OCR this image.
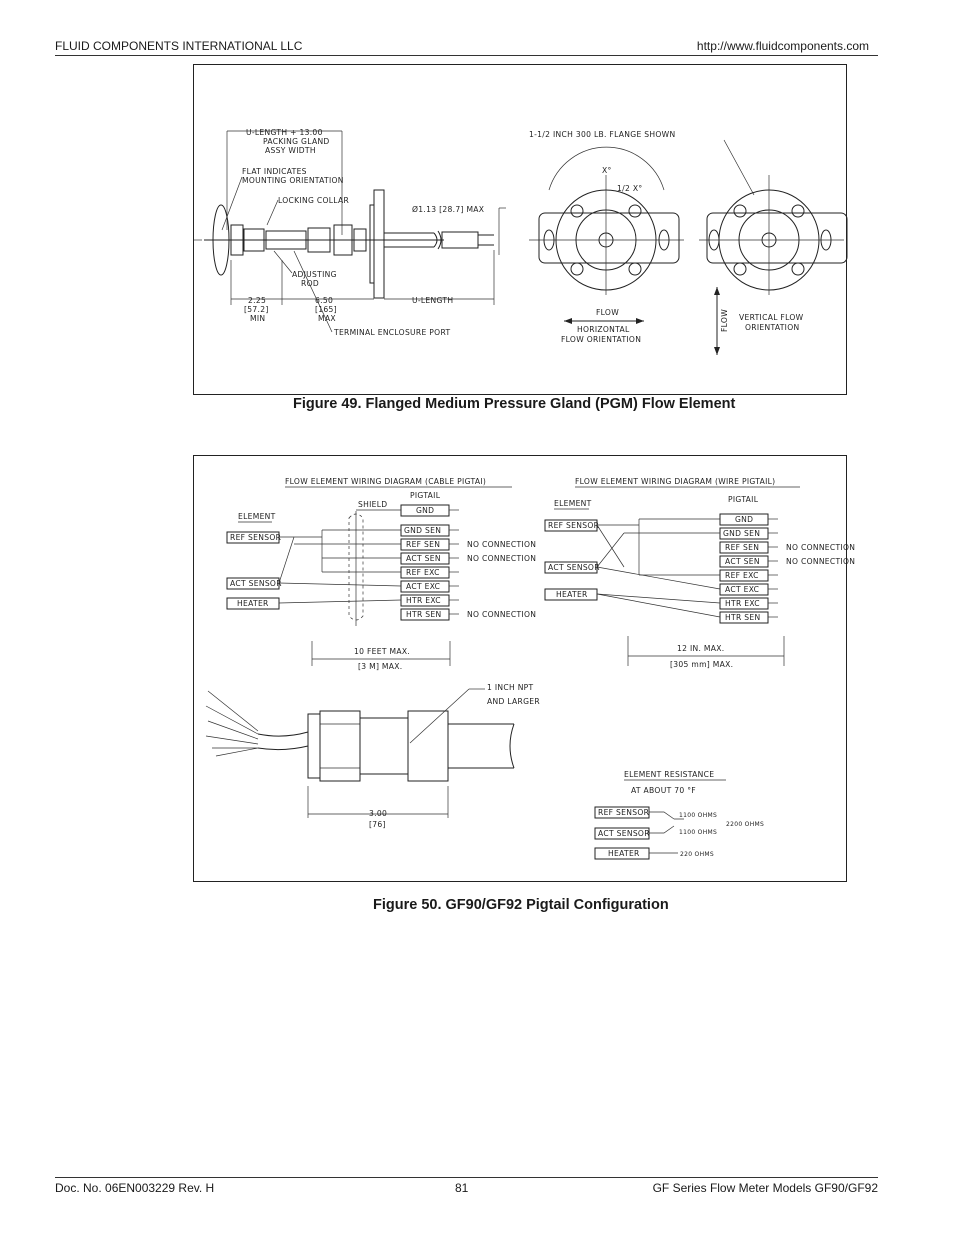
FLUID COMPONENTS INTERNATIONAL LLC	http://www.fluidcomponents.com
U-LENGTH + 13.00
PACKING GLAND
ASSY WIDTH
FLAT INDICATES
MOUNTING ORIENTATION
LOCKING COLLAR
Ø1.13 [28.7] MAX
ADJUSTING
ROD
2.25
[57.2]
MIN
6.50
[165]
MAX
U-LENGTH
TERMINAL ENCLOSURE PORT
1-1/2 INCH 300 LB. FLANGE SHOWN
X°
1/2 X°
FLOW
HORIZONTAL
FLOW ORIENTATION
FLOW VERTICAL FLOW
ORIENTATION
Figure 49. Flanged Medium Pressure Gland (PGM) Flow Element
FLOW ELEMENT WIRING DIAGRAM (CABLE PIGTAI)
SHIELD
PIGTAIL
ELEMENT
REF SENSOR
ACT SENSOR
HEATER
GND
GND SEN
REF SEN
ACT SEN
REF EXC
ACT EXC
HTR EXC
HTR SEN
NO CONNECTION
NO CONNECTION
NO CONNECTION
10 FEET MAX.
[3 M] MAX.
FLOW ELEMENT WIRING DIAGRAM (WIRE PIGTAIL)
PIGTAIL
ELEMENT
REF SENSOR
ACT SENSOR
HEATER
GND
GND SEN
REF SEN
ACT SEN
REF EXC
ACT EXC
HTR EXC
HTR SEN
NO CONNECTION
NO CONNECTION
12 IN. MAX.
[305 mm] MAX.
1 INCH NPT
AND LARGER
3.00
[76]
ELEMENT RESISTANCE
AT ABOUT 70 °F
REF SENSOR
ACT SENSOR
HEATER
1100 OHMS
1100 OHMS
2200 OHMS
220 OHMS
Figure 50. GF90/GF92 Pigtail Configuration
Doc. No. 06EN003229 Rev. H	81	GF Series Flow Meter Models GF90/GF92
